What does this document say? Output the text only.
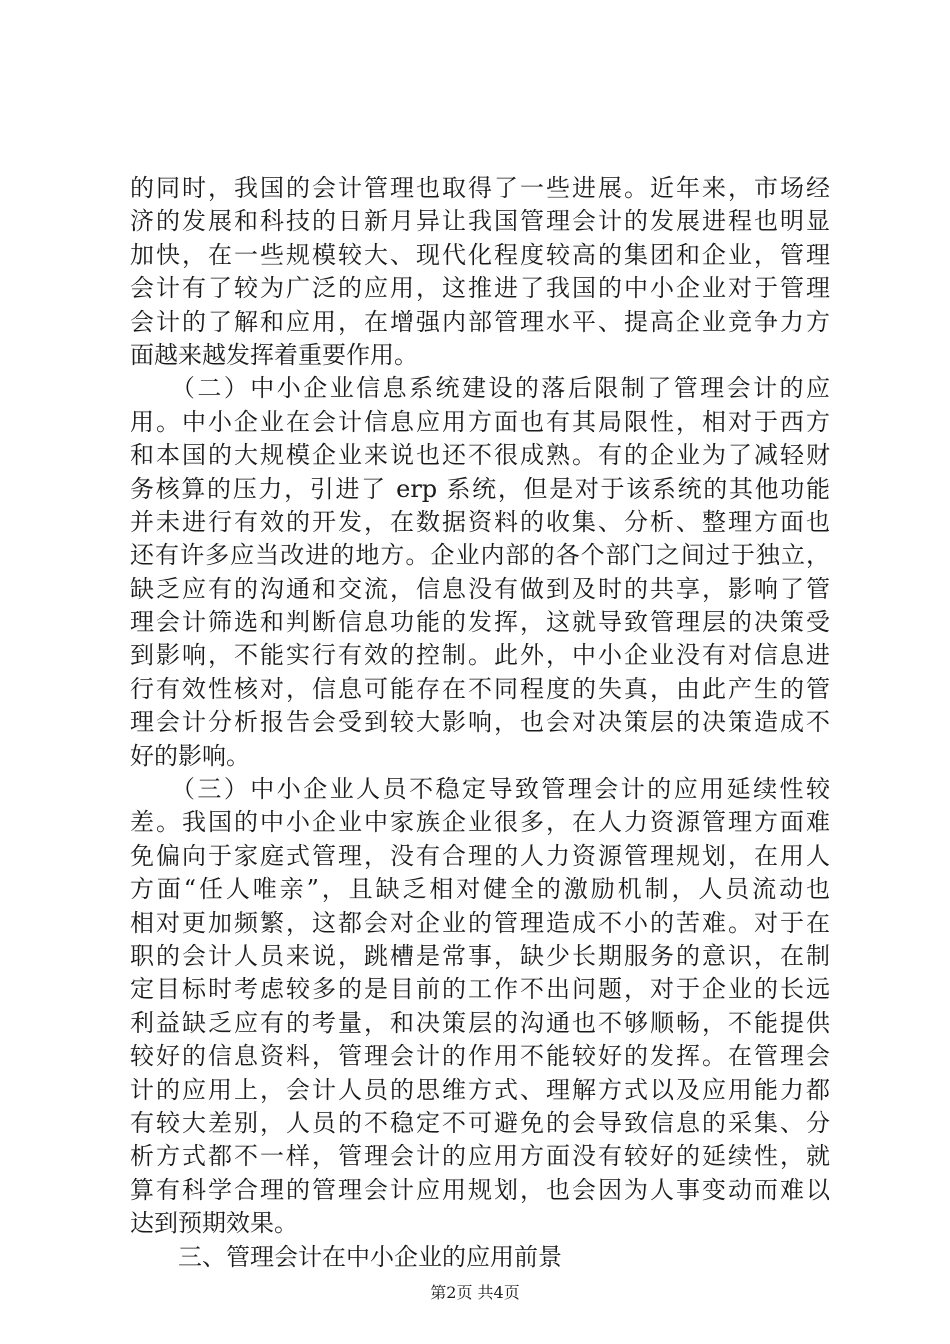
的同时，我国的会计管理也取得了一些进展。近年来，市场经
济的发展和科技的日新月异让我国管理会计的发展进程也明显
加快，在一些规模较大、现代化程度较高的集团和企业，管理
会计有了较为广泛的应用，这推进了我国的中小企业对于管理
会计的了解和应用，在增强内部管理水平、提高企业竞争力方
面越来越发挥着重要作用。
　　（二）中小企业信息系统建设的落后限制了管理会计的应
用。中小企业在会计信息应用方面也有其局限性，相对于西方
和本国的大规模企业来说也还不很成熟。有的企业为了减轻财
务核算的压力，引进了 erp 系统，但是对于该系统的其他功能
并未进行有效的开发，在数据资料的收集、分析、整理方面也
还有许多应当改进的地方。企业内部的各个部门之间过于独立，
缺乏应有的沟通和交流，信息没有做到及时的共享，影响了管
理会计筛选和判断信息功能的发挥，这就导致管理层的决策受
到影响，不能实行有效的控制。此外，中小企业没有对信息进
行有效性核对，信息可能存在不同程度的失真，由此产生的管
理会计分析报告会受到较大影响，也会对决策层的决策造成不
好的影响。
　　（三）中小企业人员不稳定导致管理会计的应用延续性较
差。我国的中小企业中家族企业很多，在人力资源管理方面难
免偏向于家庭式管理，没有合理的人力资源管理规划，在用人
方面“任人唯亲”，且缺乏相对健全的激励机制，人员流动也
相对更加频繁，这都会对企业的管理造成不小的苦难。对于在
职的会计人员来说，跳槽是常事，缺少长期服务的意识，在制
定目标时考虑较多的是目前的工作不出问题，对于企业的长远
利益缺乏应有的考量，和决策层的沟通也不够顺畅，不能提供
较好的信息资料，管理会计的作用不能较好的发挥。在管理会
计的应用上，会计人员的思维方式、理解方式以及应用能力都
有较大差别，人员的不稳定不可避免的会导致信息的采集、分
析方式都不一样，管理会计的应用方面没有较好的延续性，就
算有科学合理的管理会计应用规划，也会因为人事变动而难以
达到预期效果。
　　三、管理会计在中小企业的应用前景
第2页 共4页
